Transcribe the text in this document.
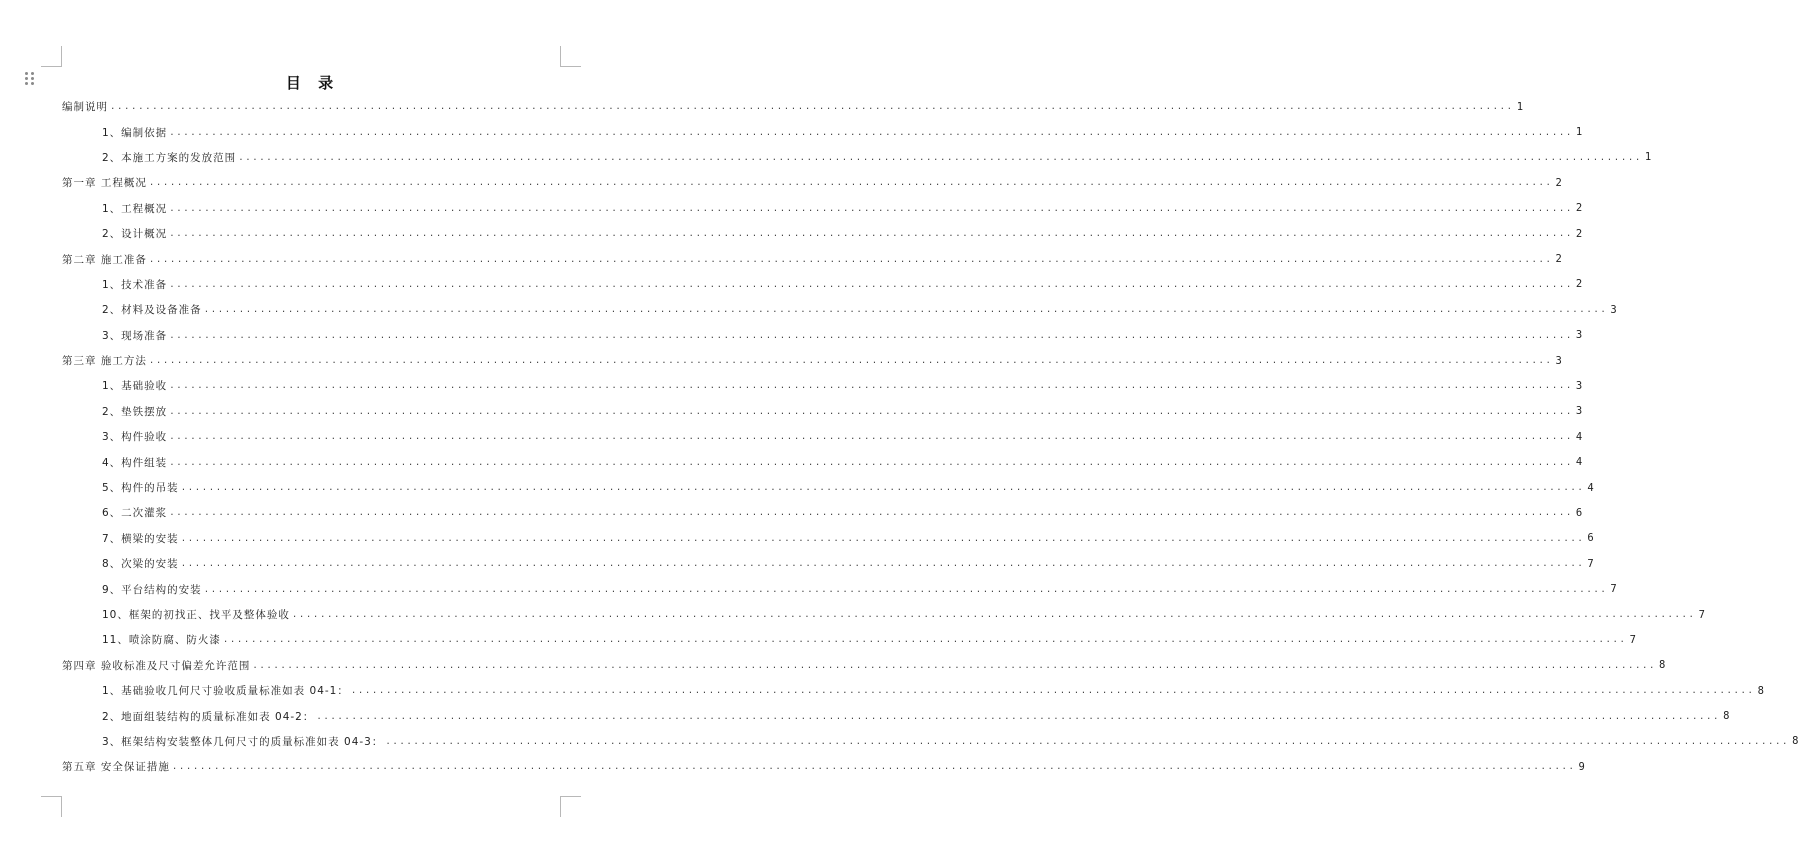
目 录
编制说明 ........................................................................................................................................................................................................ 1
1、编制依据 ........................................................................................................................................................................................................ 1
2、本施工方案的发放范围 ........................................................................................................................................................................................................ 1
第一章 工程概况 ........................................................................................................................................................................................................ 2
1、工程概况 ........................................................................................................................................................................................................ 2
2、设计概况 ........................................................................................................................................................................................................ 2
第二章 施工准备 ........................................................................................................................................................................................................ 2
1、技术准备 ........................................................................................................................................................................................................ 2
2、材料及设备准备 ........................................................................................................................................................................................................ 3
3、现场准备 ........................................................................................................................................................................................................ 3
第三章 施工方法 ........................................................................................................................................................................................................ 3
1、基础验收 ........................................................................................................................................................................................................ 3
2、垫铁摆放 ........................................................................................................................................................................................................ 3
3、构件验收 ........................................................................................................................................................................................................ 4
4、构件组装 ........................................................................................................................................................................................................ 4
5、构件的吊装 ........................................................................................................................................................................................................ 4
6、二次灌浆 ........................................................................................................................................................................................................ 6
7、横梁的安装 ........................................................................................................................................................................................................ 6
8、次梁的安装 ........................................................................................................................................................................................................ 7
9、平台结构的安装 ........................................................................................................................................................................................................ 7
10、框架的初找正、找平及整体验收 ........................................................................................................................................................................................................ 7
11、喷涂防腐、防火漆 ........................................................................................................................................................................................................ 7
第四章 验收标准及尺寸偏差允许范围 ........................................................................................................................................................................................................ 8
1、基础验收几何尺寸验收质量标准如表 04-1： ........................................................................................................................................................................................................ 8
2、地面组装结构的质量标准如表 04-2： ........................................................................................................................................................................................................ 8
3、框架结构安装整体几何尺寸的质量标准如表 04-3： ........................................................................................................................................................................................................ 8
第五章 安全保证措施 ........................................................................................................................................................................................................ 9
